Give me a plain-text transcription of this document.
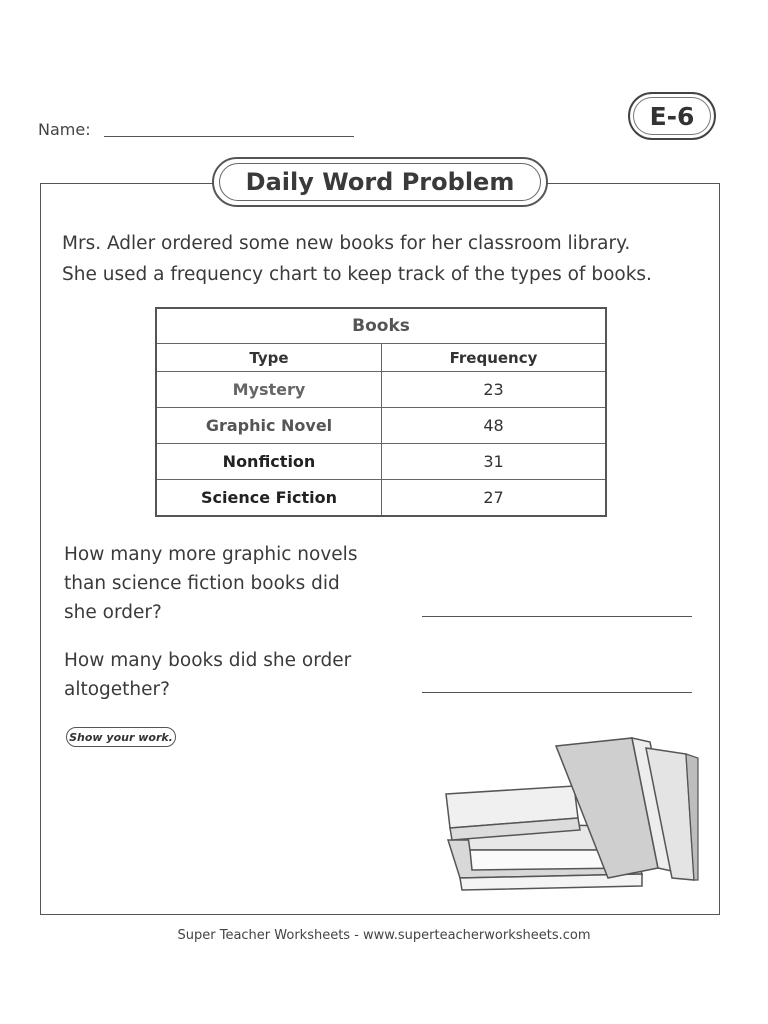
Name:	E-6
Daily Word Problem
Mrs. Adler ordered some new books for her classroom library.
She used a frequency chart to keep track of the types of books.
Books	
Type	Frequency
Mystery	23
Graphic Novel	48
Nonfiction	31
Science Fiction	27
How many more graphic novels
than science fiction books did
she order?
How many books did she order
altogether?
Show your work.
Super Teacher Worksheets - www.superteacherworksheets.com
